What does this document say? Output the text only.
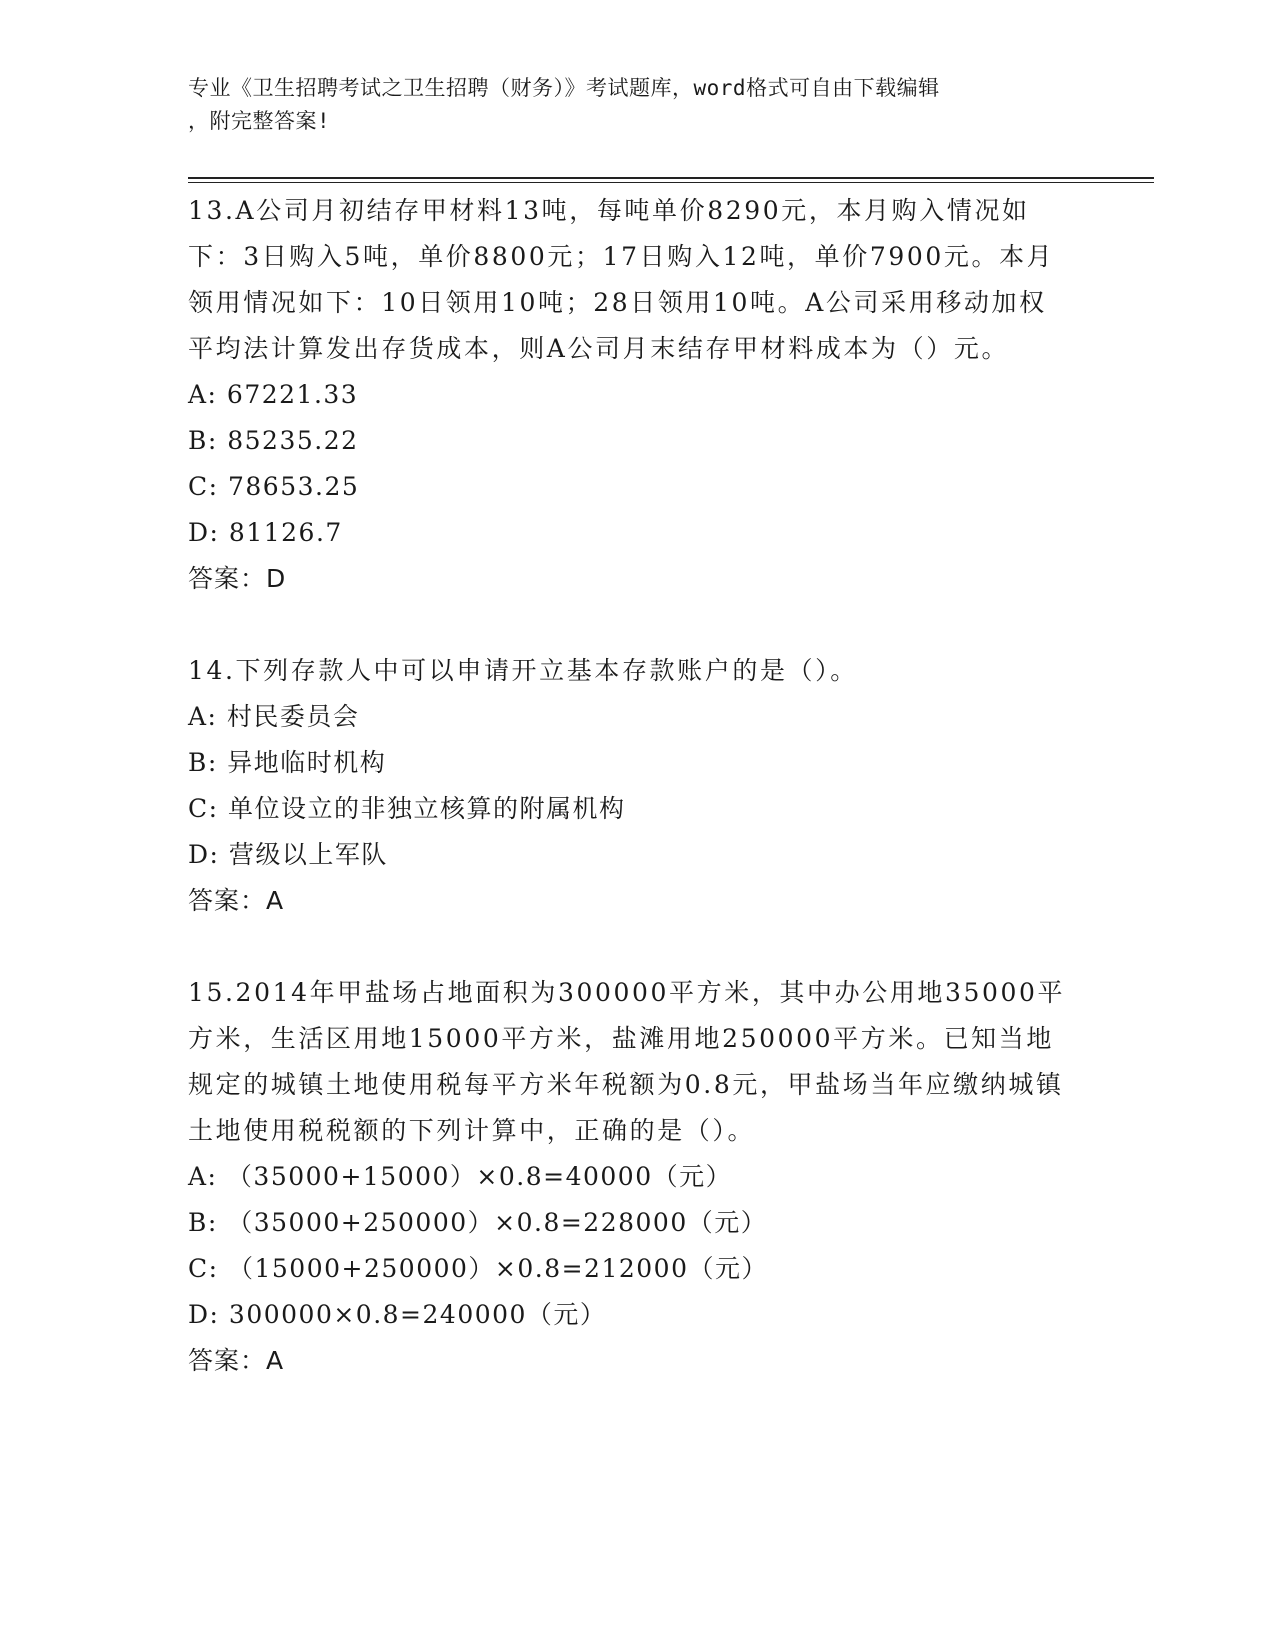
专业《卫生招聘考试之卫生招聘（财务）》考试题库，word格式可自由下载编辑
，附完整答案!

13.A公司月初结存甲材料13吨，每吨单价8290元，本月购入情况如下：3日购入5吨，单价8800元；17日购入12吨，单价7900元。本月领用情况如下：10日领用10吨；28日领用10吨。A公司采用移动加权平均法计算发出存货成本，则A公司月末结存甲材料成本为（）元。

A: 67221.33

B: 85235.22

C: 78653.25

D: 81126.7

答案：D

14.下列存款人中可以申请开立基本存款账户的是（）。

A: 村民委员会

B: 异地临时机构

C: 单位设立的非独立核算的附属机构

D: 营级以上军队

答案：A

15.2014年甲盐场占地面积为300000平方米，其中办公用地35000平方米，生活区用地15000平方米，盐滩用地250000平方米。已知当地规定的城镇土地使用税每平方米年税额为0.8元，甲盐场当年应缴纳城镇土地使用税税额的下列计算中，正确的是（）。

A: （35000+15000）×0.8=40000（元）

B: （35000+250000）×0.8=228000（元）

C: （15000+250000）×0.8=212000（元）

D: 300000×0.8=240000（元）

答案：A
